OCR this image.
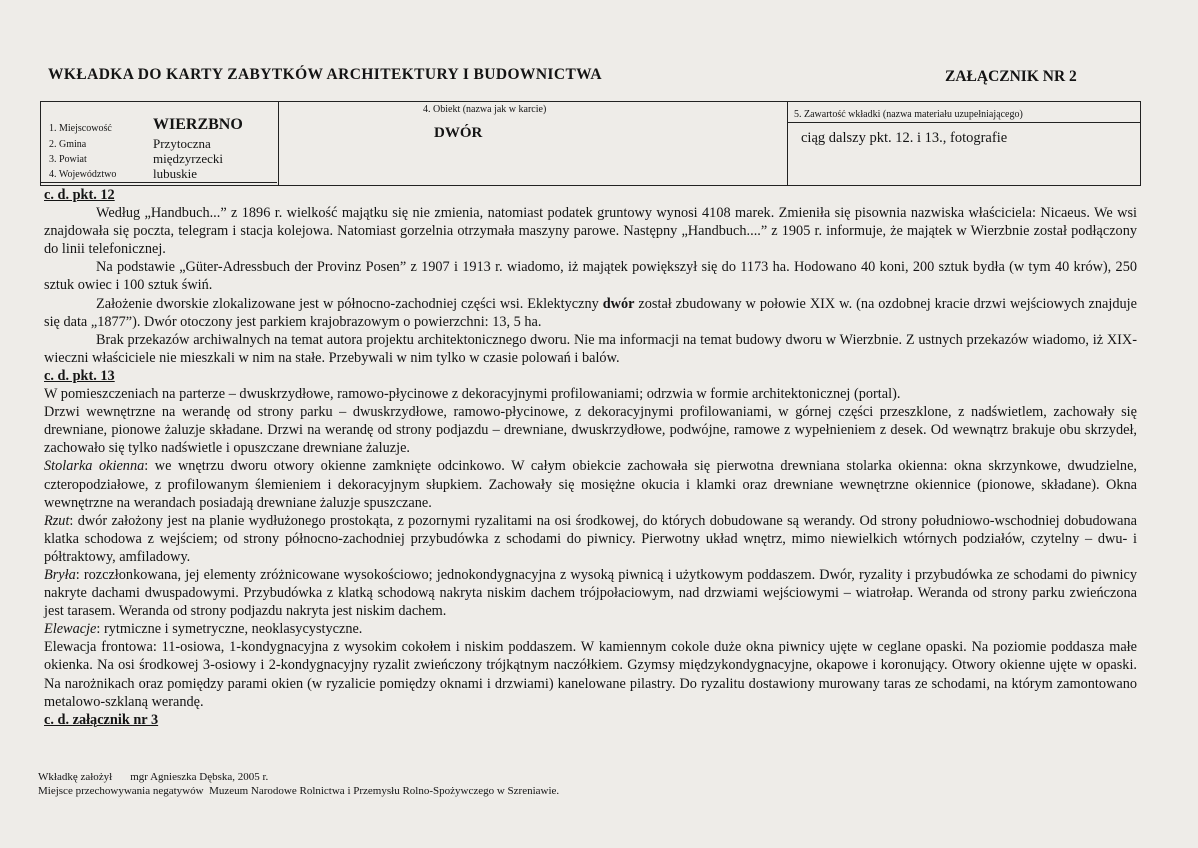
WKŁADKA DO KARTY ZABYTKÓW ARCHITEKTURY I BUDOWNICTWA	ZAŁĄCZNIK NR 2
1. Miejscowość	WIERZBNO
2. Gmina	Przytoczna
3. Powiat	międzyrzecki
4. Województwo	lubuskie
4. Obiekt (nazwa jak w karcie)
DWÓR
5. Zawartość wkładki (nazwa materiału uzupełniającego)
ciąg dalszy pkt. 12. i 13., fotografie

c. d. pkt. 12

Według „Handbuch...” z 1896 r. wielkość majątku się nie zmienia, natomiast podatek gruntowy wynosi 4108 marek. Zmieniła się pisownia nazwiska właściciela: Nicaeus. We wsi znajdowała się poczta, telegram i stacja kolejowa. Natomiast gorzelnia otrzymała maszyny parowe. Następny „Handbuch....” z 1905 r. informuje, że majątek w Wierzbnie został podłączony do linii telefonicznej.

Na podstawie „Güter-Adressbuch der Provinz Posen” z 1907 i 1913 r. wiadomo, iż majątek powiększył się do 1173 ha. Hodowano 40 koni, 200 sztuk bydła (w tym 40 krów), 250 sztuk owiec i 100 sztuk świń.

Założenie dworskie zlokalizowane jest w północno-zachodniej części wsi. Eklektyczny dwór został zbudowany w połowie XIX w. (na ozdobnej kracie drzwi wejściowych znajduje się data „1877”). Dwór otoczony jest parkiem krajobrazowym o powierzchni: 13, 5 ha.

Brak przekazów archiwalnych na temat autora projektu architektonicznego dworu. Nie ma informacji na temat budowy dworu w Wierzbnie. Z ustnych przekazów wiadomo, iż XIX-wieczni właściciele nie mieszkali w nim na stałe. Przebywali w nim tylko w czasie polowań i balów.

c. d. pkt. 13

W pomieszczeniach na parterze – dwuskrzydłowe, ramowo-płycinowe z dekoracyjnymi profilowaniami; odrzwia w formie architektonicznej (portal).

Drzwi wewnętrzne na werandę od strony parku – dwuskrzydłowe, ramowo-płycinowe, z dekoracyjnymi profilowaniami, w górnej części przeszklone, z nadświetlem, zachowały się drewniane, pionowe żaluzje składane. Drzwi na werandę od strony podjazdu – drewniane, dwuskrzydłowe, podwójne, ramowe z wypełnieniem z desek. Od wewnątrz brakuje obu skrzydeł, zachowało się tylko nadświetle i opuszczane drewniane żaluzje.

Stolarka okienna: we wnętrzu dworu otwory okienne zamknięte odcinkowo. W całym obiekcie zachowała się pierwotna drewniana stolarka okienna: okna skrzynkowe, dwudzielne, czteropodziałowe, z profilowanym ślemieniem i dekoracyjnym słupkiem. Zachowały się mosiężne okucia i klamki oraz drewniane wewnętrzne okiennice (pionowe, składane). Okna wewnętrzne na werandach posiadają drewniane żaluzje spuszczane.

Rzut: dwór założony jest na planie wydłużonego prostokąta, z pozornymi ryzalitami na osi środkowej, do których dobudowane są werandy. Od strony południowo-wschodniej dobudowana klatka schodowa z wejściem; od strony północno-zachodniej przybudówka z schodami do piwnicy. Pierwotny układ wnętrz, mimo niewielkich wtórnych podziałów, czytelny – dwu- i półtraktowy, amfiladowy.

Bryła: rozczłonkowana, jej elementy zróżnicowane wysokościowo; jednokondygnacyjna z wysoką piwnicą i użytkowym poddaszem. Dwór, ryzality i przybudówka ze schodami do piwnicy nakryte dachami dwuspadowymi. Przybudówka z klatką schodową nakryta niskim dachem trójpołaciowym, nad drzwiami wejściowymi – wiatrołap. Weranda od strony parku zwieńczona jest tarasem. Weranda od strony podjazdu nakryta jest niskim dachem.

Elewacje: rytmiczne i symetryczne, neoklasycystyczne.

Elewacja frontowa: 11-osiowa, 1-kondygnacyjna z wysokim cokołem i niskim poddaszem. W kamiennym cokole duże okna piwnicy ujęte w ceglane opaski. Na poziomie poddasza małe okienka. Na osi środkowej 3-osiowy i 2-kondygnacyjny ryzalit zwieńczony trójkątnym naczółkiem. Gzymsy międzykondygnacyjne, okapowe i koronujący. Otwory okienne ujęte w opaski. Na narożnikach oraz pomiędzy parami okien (w ryzalicie pomiędzy oknami i drzwiami) kanelowane pilastry. Do ryzalitu dostawiony murowany taras ze schodami, na którym zamontowano metalowo-szklaną werandę.

c. d. załącznik nr 3

Wkładkę założył mgr Agnieszka Dębska, 2005 r.
Miejsce przechowywania negatywów Muzeum Narodowe Rolnictwa i Przemysłu Rolno-Spożywczego w Szreniawie.
